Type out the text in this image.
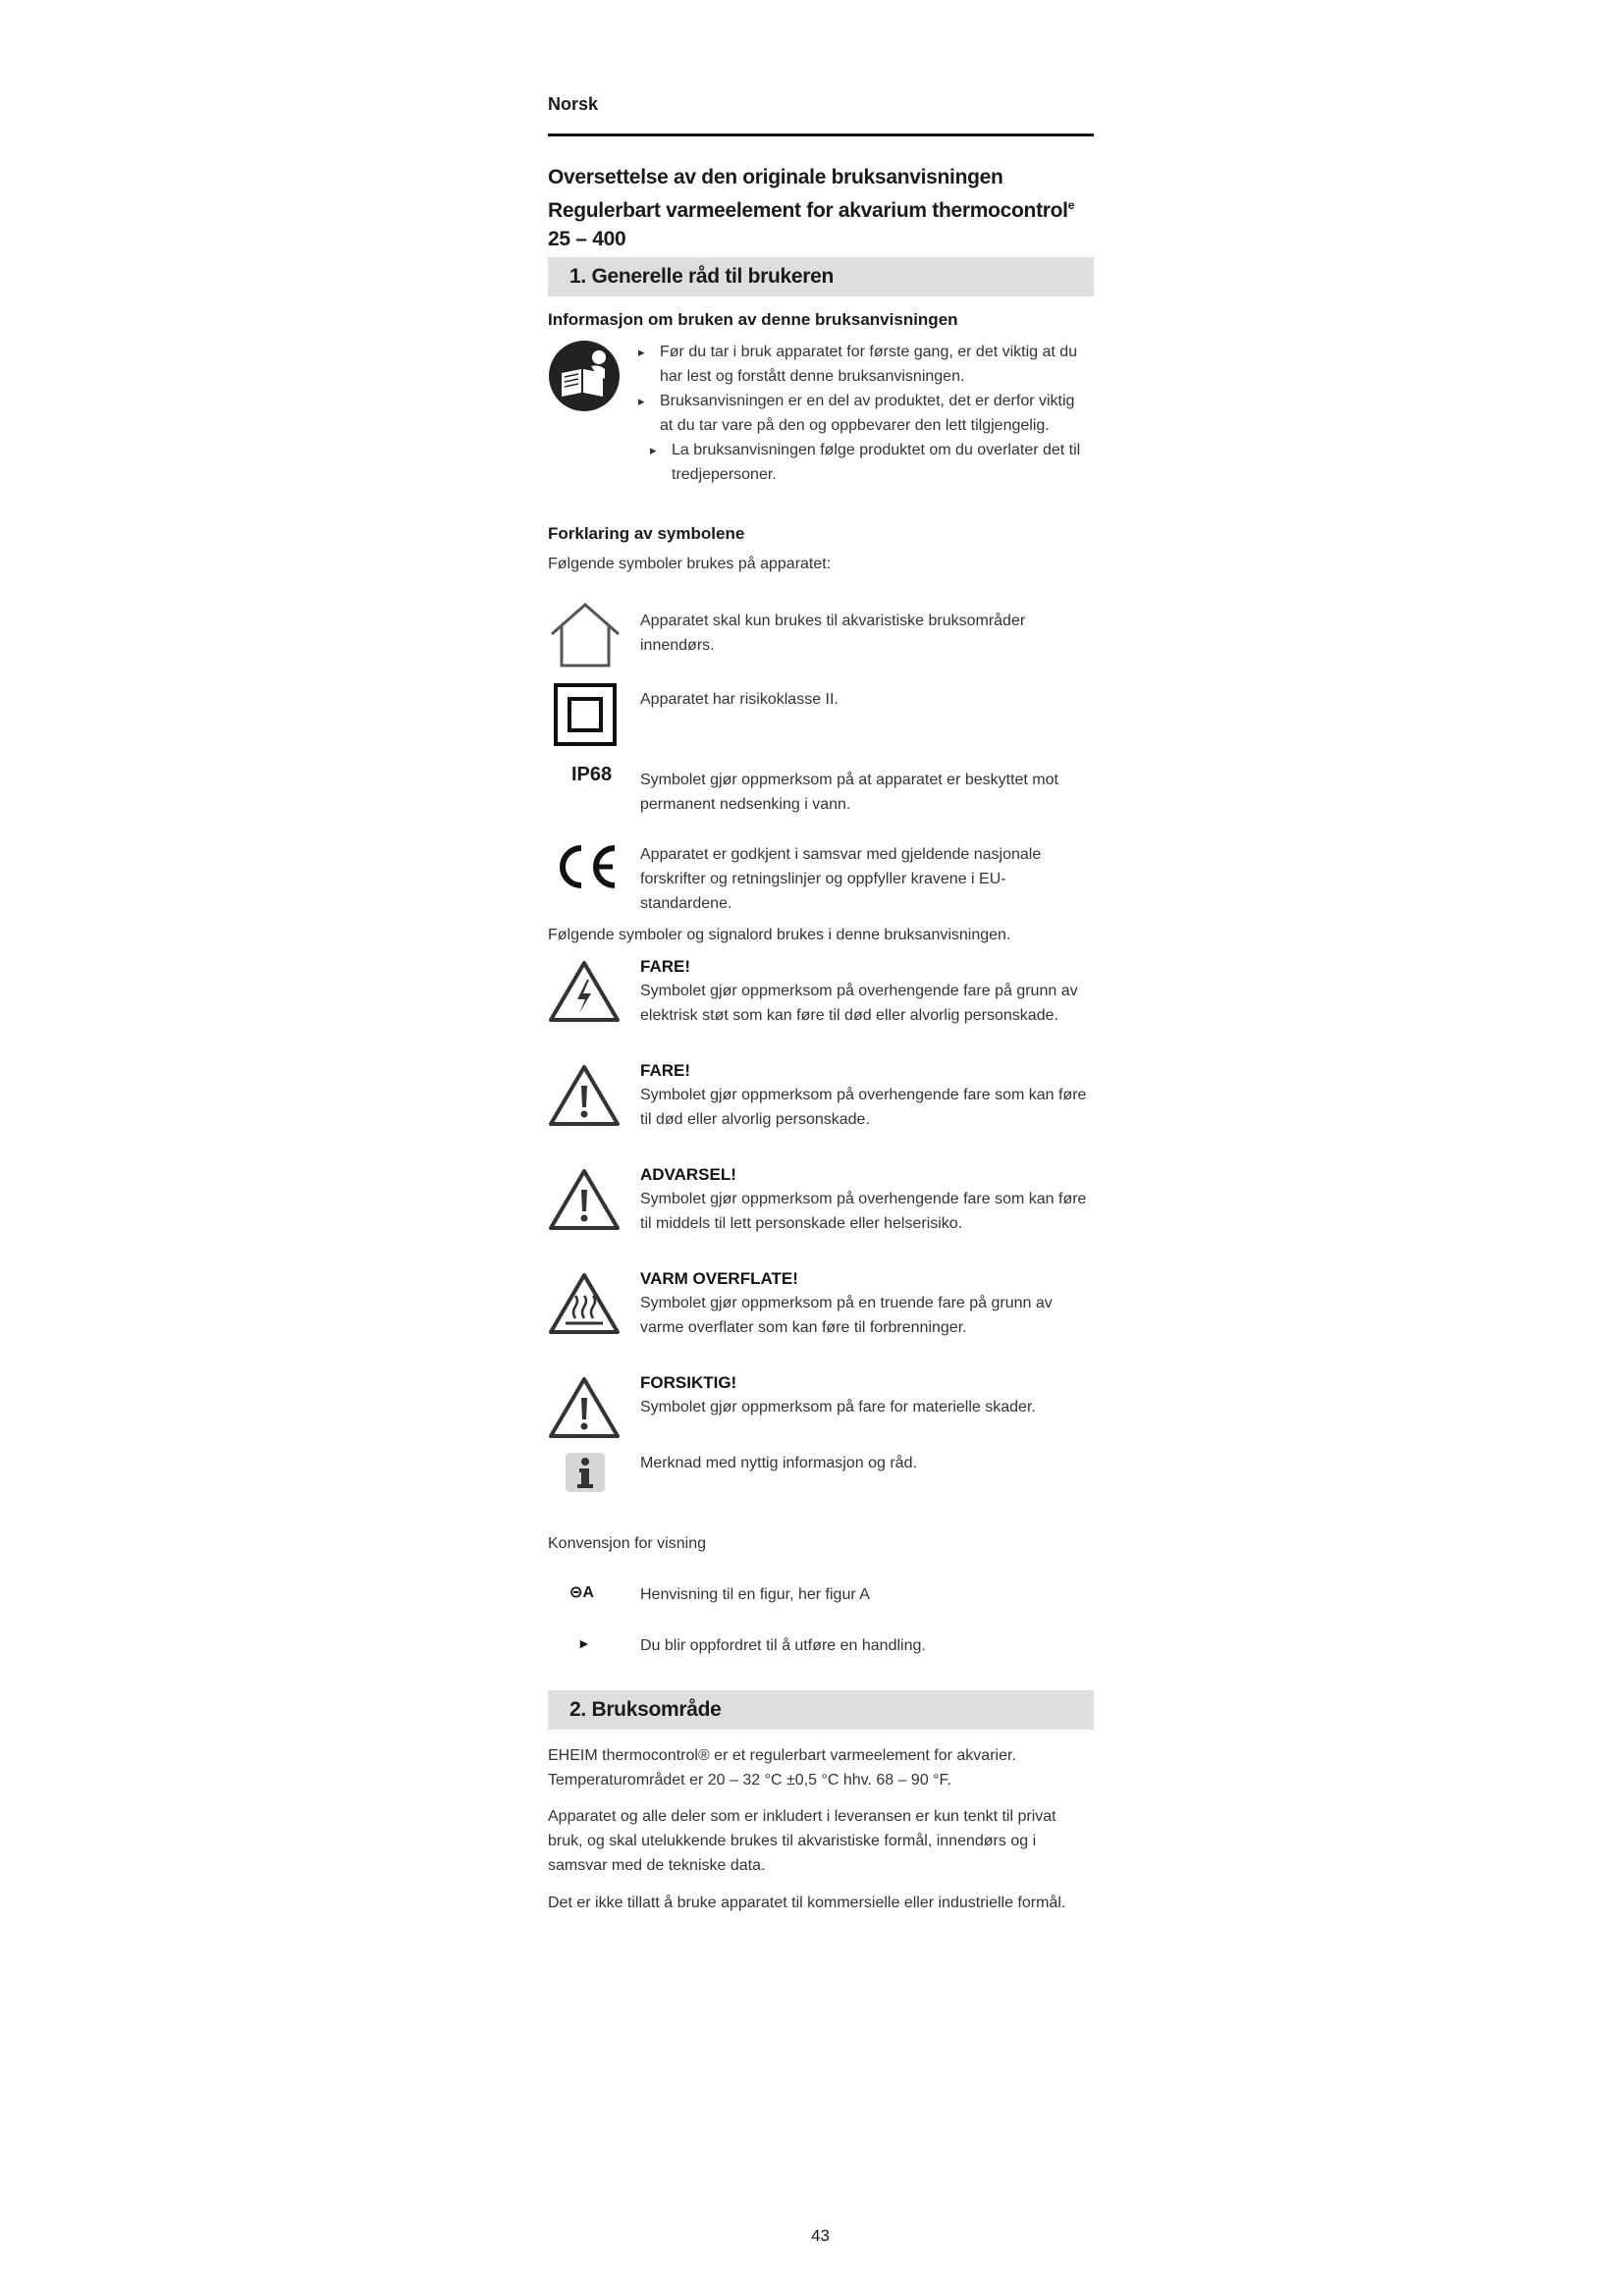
Norsk
Oversettelse av den originale bruksanvisningen
Regulerbart varmeelement for akvarium thermocontrol$^e$ 25 – 400
1. Generelle råd til brukeren
Informasjon om bruken av denne bruksanvisningen
▸ Før du tar i bruk apparatet for første gang, er det viktig at du har lest og forstått denne bruksanvisningen.
▸ Bruksanvisningen er en del av produktet, det er derfor viktig at du tar vare på den og oppbevarer den lett tilgjengelig.
▸ La bruksanvisningen følge produktet om du overlater det til tredjepersoner.
Forklaring av symbolene
Følgende symboler brukes på apparatet:
Apparatet skal kun brukes til akvaristiske bruksområder innendørs.
Apparatet har risikoklasse II.
IP68 Symbolet gjør oppmerksom på at apparatet er beskyttet mot permanent nedsenking i vann.
Apparatet er godkjent i samsvar med gjeldende nasjonale forskrifter og retningslinjer og oppfyller kravene i EU-standardene.
Følgende symboler og signalord brukes i denne bruksanvisningen.
FARE!
Symbolet gjør oppmerksom på overhengende fare på grunn av elektrisk støt som kan føre til død eller alvorlig personskade.
FARE!
Symbolet gjør oppmerksom på overhengende fare som kan føre til død eller alvorlig personskade.
ADVARSEL!
Symbolet gjør oppmerksom på overhengende fare som kan føre til middels til lett personskade eller helserisiko.
VARM OVERFLATE!
Symbolet gjør oppmerksom på en truende fare på grunn av varme overflater som kan føre til forbrenninger.
FORSIKTIG!
Symbolet gjør oppmerksom på fare for materielle skader.
Merknad med nyttig informasjon og råd.
Konvensjon for visning
⊝A	Henvisning til en figur, her figur A
►	Du blir oppfordret til å utføre en handling.
2. Bruksområde
EHEIM thermocontrol® er et regulerbart varmeelement for akvarier. Temperaturområdet er 20 – 32 °C ±0,5 °C hhv. 68 – 90 °F.
Apparatet og alle deler som er inkludert i leveransen er kun tenkt til privat bruk, og skal utelukkende brukes til akvaristiske formål, innendørs og i samsvar med de tekniske data.
Det er ikke tillatt å bruke apparatet til kommersielle eller industrielle formål.
43
